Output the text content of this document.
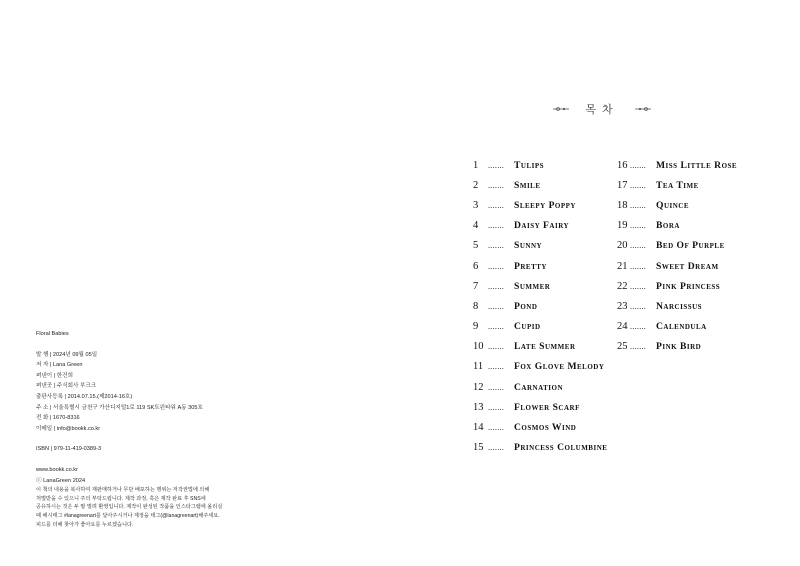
Floral Babies
발 행 | 2024년 09월 05일
저 자 | Lana Green
펴낸이 | 한건희
펴낸곳 | 주식회사 부크크
출판사등록 | 2014.07.15.(제2014-16호)
주 소 | 서울특별시 금천구 가산디지털1로 119 SK트윈타워 A동 305호
전 화 | 1670-8316
이메일 | info@bookk.co.kr
ISBN | 979-11-419-0389-3
www.bookk.co.kr
ⓒ LanaGreen 2024
이 책의 내용을 복사하여 재판매하거나 무단 배포하는 행위는 저작권법에 의해
처벌받을 수 있으니 주의 부탁드립니다. 제작 과정, 혹은 제작 완료 후 SNS에
공유하시는 것은 두 팔 벌려 환영입니다. 제작이 완성된 작품을 인스타그램에 올리실
때 해시태그 #lanagreenart를 달아주시거나 계정을 태그(@lanagreenart)해주세요.
피드를 더해 찾아가 좋아요를 누르겠습니다.
목차
1	.......	Tulips
2	.......	Smile
3	.......	Sleepy Poppy
4	.......	Daisy Fairy
5	.......	Sunny
6	.......	Pretty
7	.......	Summer
8	.......	Pond
9	.......	Cupid
10 .......	Late Summer
11 .......	Fox Glove Melody
12 .......	Carnation
13 .......	Flower Scarf
14 .......	Cosmos Wind
15 .......	Princess Columbine
16 .......	Miss Little Rose
17 .......	Tea Time
18 .......	Quince
19 .......	Bora
20 .......	Bed Of Purple
21 .......	Sweet Dream
22 .......	Pink Princess
23 .......	Narcissus
24 .......	Calendula
25 .......	Pink Bird
